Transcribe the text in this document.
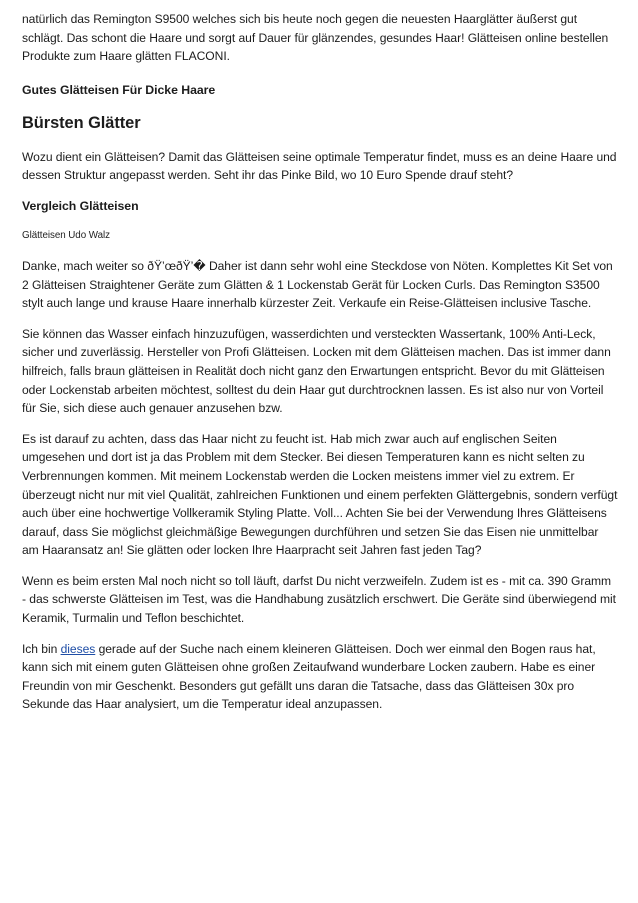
natürlich das Remington S9500 welches sich bis heute noch gegen die neuesten Haarglätter äußerst gut schlägt. Das schont die Haare und sorgt auf Dauer für glänzendes, gesundes Haar! Glätteisen online bestellen Produkte zum Haare glätten FLACONI.

Gutes Glätteisen Für Dicke Haare

Bürsten Glätter

Wozu dient ein Glätteisen? Damit das Glätteisen seine optimale Temperatur findet, muss es an deine Haare und dessen Struktur angepasst werden. Seht ihr das Pinke Bild, wo 10 Euro Spende drauf steht?

Vergleich Glätteisen

Glätteisen Udo Walz

Danke, mach weiter so ðŸ’œðŸ’� Daher ist dann sehr wohl eine Steckdose von Nöten. Komplettes Kit Set von 2 Glätteisen Straightener Geräte zum Glätten & 1 Lockenstab Gerät für Locken Curls. Das Remington S3500 stylt auch lange und krause Haare innerhalb kürzester Zeit. Verkaufe ein Reise-Glätteisen inclusive Tasche.

Sie können das Wasser einfach hinzuzufügen, wasserdichten und versteckten Wassertank, 100% Anti-Leck, sicher und zuverlässig. Hersteller von Profi Glätteisen. Locken mit dem Glätteisen machen. Das ist immer dann hilfreich, falls braun glätteisen in Realität doch nicht ganz den Erwartungen entspricht. Bevor du mit Glätteisen oder Lockenstab arbeiten möchtest, solltest du dein Haar gut durchtrocknen lassen. Es ist also nur von Vorteil für Sie, sich diese auch genauer anzusehen bzw.

Es ist darauf zu achten, dass das Haar nicht zu feucht ist. Hab mich zwar auch auf englischen Seiten umgesehen und dort ist ja das Problem mit dem Stecker. Bei diesen Temperaturen kann es nicht selten zu Verbrennungen kommen. Mit meinem Lockenstab werden die Locken meistens immer viel zu extrem. Er überzeugt nicht nur mit viel Qualität, zahlreichen Funktionen und einem perfekten Glättergebnis, sondern verfügt auch über eine hochwertige Vollkeramik Styling Platte. Voll... Achten Sie bei der Verwendung Ihres Glätteisens darauf, dass Sie möglichst gleichmäßige Bewegungen durchführen und setzen Sie das Eisen nie unmittelbar am Haaransatz an! Sie glätten oder locken Ihre Haarpracht seit Jahren fast jeden Tag?

Wenn es beim ersten Mal noch nicht so toll läuft, darfst Du nicht verzweifeln. Zudem ist es - mit ca. 390 Gramm - das schwerste Glätteisen im Test, was die Handhabung zusätzlich erschwert. Die Geräte sind überwiegend mit Keramik, Turmalin und Teflon beschichtet.

Ich bin dieses gerade auf der Suche nach einem kleineren Glätteisen. Doch wer einmal den Bogen raus hat, kann sich mit einem guten Glätteisen ohne großen Zeitaufwand wunderbare Locken zaubern. Habe es einer Freundin von mir Geschenkt. Besonders gut gefällt uns daran die Tatsache, dass das Glätteisen 30x pro Sekunde das Haar analysiert, um die Temperatur ideal anzupassen.
